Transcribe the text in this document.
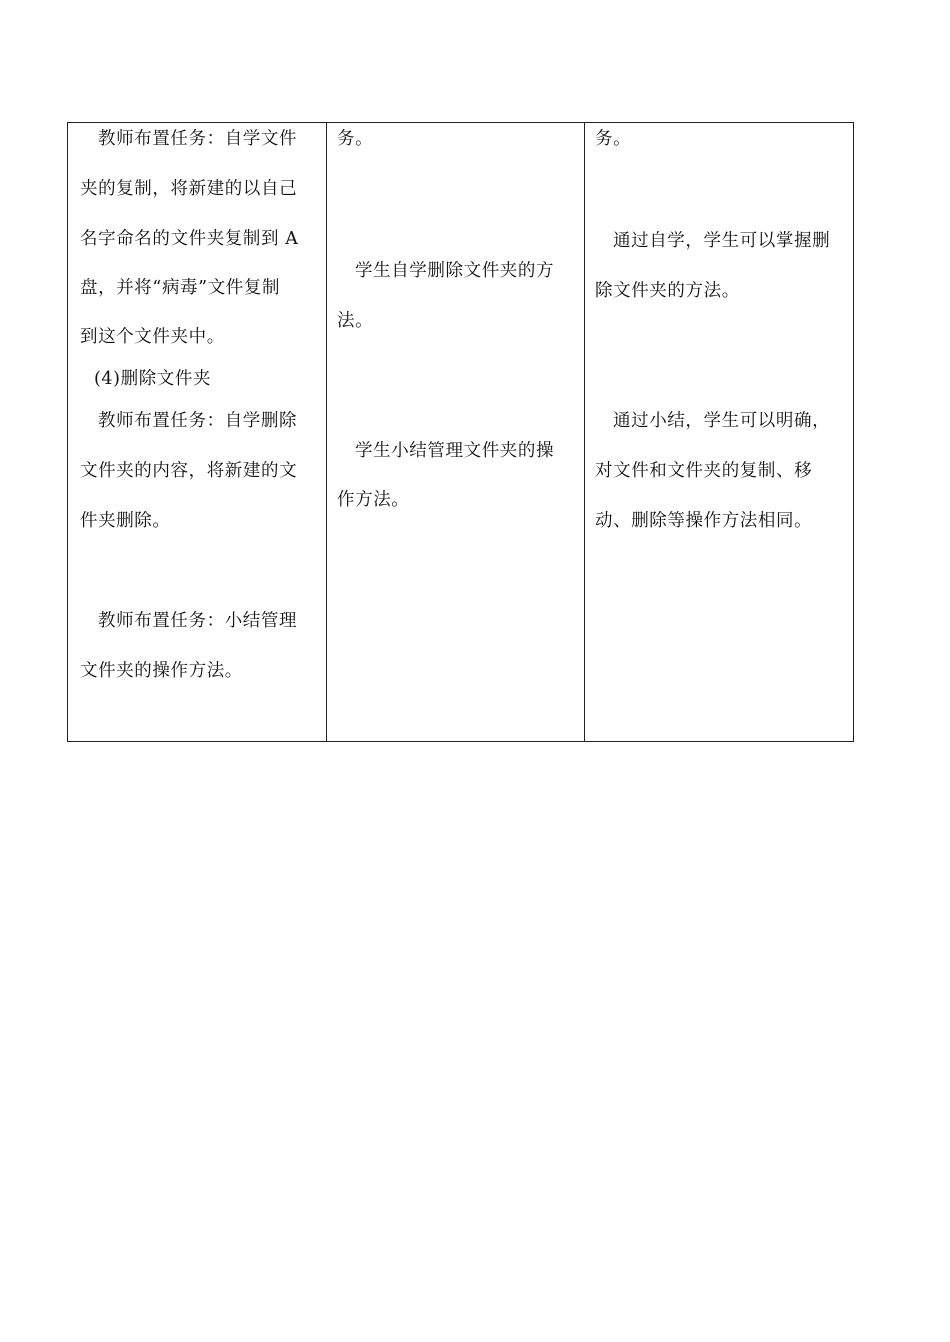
教师布置任务：自学文件

夹的复制，将新建的以自己

名字命名的文件夹复制到 A

盘，并将“病毒”文件复制

到这个文件夹中。

(4)删除文件夹

教师布置任务：自学删除

文件夹的内容，将新建的文

件夹删除。

教师布置任务：小结管理

文件夹的操作方法。

务。

学生自学删除文件夹的方

法。

学生小结管理文件夹的操

作方法。

务。

通过自学，学生可以掌握删

除文件夹的方法。

通过小结，学生可以明确，

对文件和文件夹的复制、移

动、删除等操作方法相同。
